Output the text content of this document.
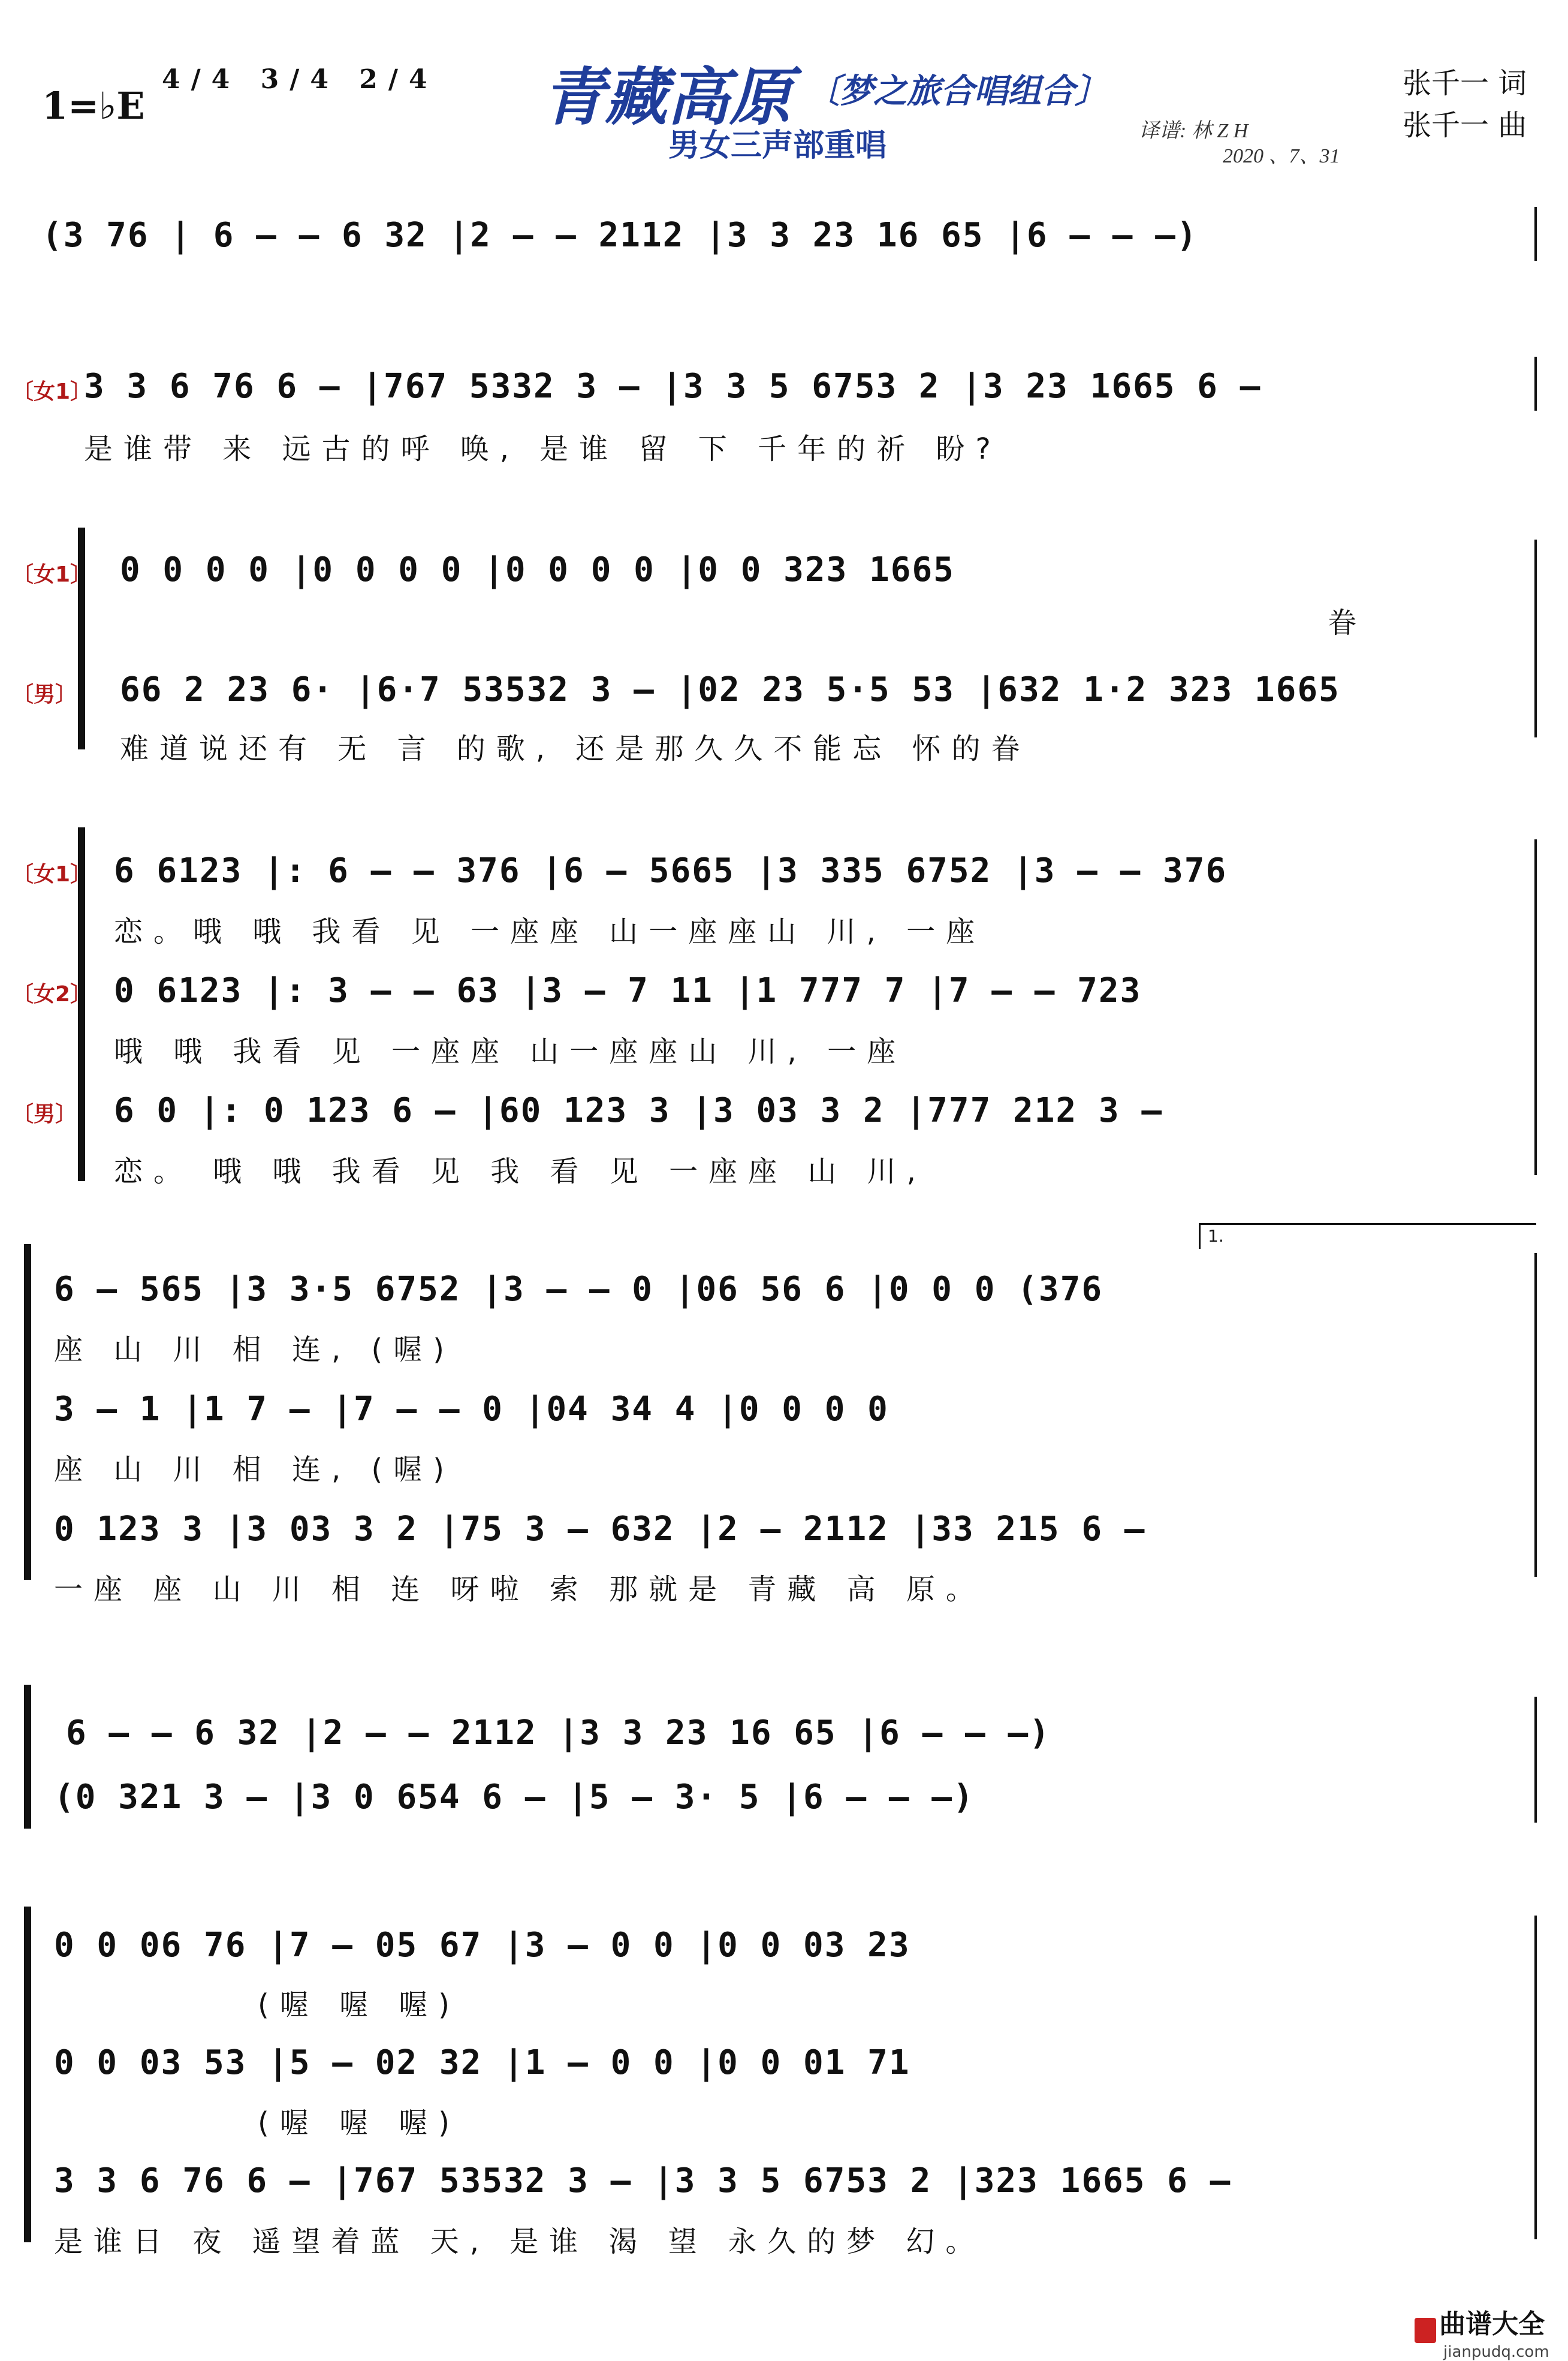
1=♭E
4/4 3/4 2/4 青藏高原 〔梦之旅合唱组合〕
男女三声部重唱	译谱: 林 Z H
2020 、7、31
张千一 词
张千一 曲
(3 76 | 6 – – 6 32 |2 – – 2112 |3 3 23 16 65 |6 – – –)
〔女1〕
3 3 6 76 6 – |767 5332 3 – |3 3 5 6753 2 |3 23 1665 6 –
是谁带 来 远古的呼 唤, 是谁 留 下 千年的祈 盼?
〔女1〕
〔男〕
0 0 0 0 |0 0 0 0 |0 0 0 0 |0 0 323 1665
眷
66 2 23 6· |6·7 53532 3 – |02 23 5·5 53 |632 1·2 323 1665
难道说还有 无 言 的歌, 还是那久久不能忘 怀的眷
〔女1〕
〔女2〕
〔男〕
6 6123 |: 6 – – 376 |6 – 5665 |3 335 6752 |3 – – 376
恋。哦 哦 我看 见 一座座 山一座座山 川, 一座
0 6123 |: 3 – – 63 |3 – 7 11 |1 777 7 |7 – – 723
哦 哦 我看 见 一座座 山一座座山 川, 一座
6 0 |: 0 123 6 – |60 123 3 |3 03 3 2 |777 212 3 –
恋。 哦 哦 我看 见 我 看 见 一座座 山 川,
1.
6 – 565 |3 3·5 6752 |3 – – 0 |06 56 6 |0 0 0 (376
座 山 川 相 连, (喔)
3 – 1 |1 7 – |7 – – 0 |04 34 4 |0 0 0 0
座 山 川 相 连, (喔)
0 123 3 |3 03 3 2 |75 3 – 632 |2 – 2112 |33 215 6 –
一座 座 山 川 相 连 呀啦 索 那就是 青藏 高 原。
6 – – 6 32 |2 – – 2112 |3 3 23 16 65 |6 – – –)
(0 321 3 – |3 0 654 6 – |5 – 3· 5 |6 – – –)
0 0 06 76 |7 – 05 67 |3 – 0 0 |0 0 03 23
(喔 喔 喔)
0 0 03 53 |5 – 02 32 |1 – 0 0 |0 0 01 71
(喔 喔 喔)
3 3 6 76 6 – |767 53532 3 – |3 3 5 6753 2 |323 1665 6 –
是谁日 夜 遥望着蓝 天, 是谁 渴 望 永久的梦 幻。
曲谱大全
jianpudq.com
